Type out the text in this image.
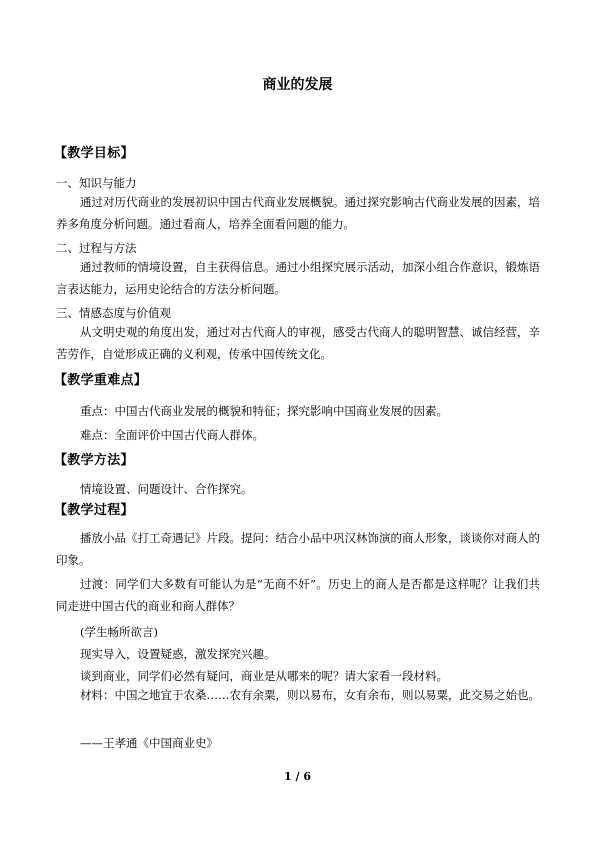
商业的发展
【教学目标】
一、知识与能力

通过对历代商业的发展初识中国古代商业发展概貌。通过探究影响古代商业发展的因素，培养多角度分析问题。通过看商人，培养全面看问题的能力。

二、过程与方法

通过教师的情境设置，自主获得信息。通过小组探究展示活动，加深小组合作意识，锻炼语言表达能力，运用史论结合的方法分析问题。

三、情感态度与价值观

从文明史观的角度出发，通过对古代商人的审视，感受古代商人的聪明智慧、诚信经营，辛苦劳作，自觉形成正确的义利观，传承中国传统文化。

【教学重难点】
重点：中国古代商业发展的概貌和特征；探究影响中国商业发展的因素。
难点：全面评价中国古代商人群体。
【教学方法】
情境设置、问题设计、合作探究。
【教学过程】

播放小品《打工奇遇记》片段。提问：结合小品中巩汉林饰演的商人形象，谈谈你对商人的印象。

过渡：同学们大多数有可能认为是“无商不奸”。历史上的商人是否都是这样呢？让我们共同走进中国古代的商业和商人群体？

(学生畅所欲言)
现实导入，设置疑惑，激发探究兴趣。
谈到商业，同学们必然有疑问，商业是从哪来的呢？请大家看一段材料。

材料：中国之地宜于农桑……农有余粟，则以易布，女有余布，则以易粟，此交易之始也。

——王孝通《中国商业史》
1 / 6
